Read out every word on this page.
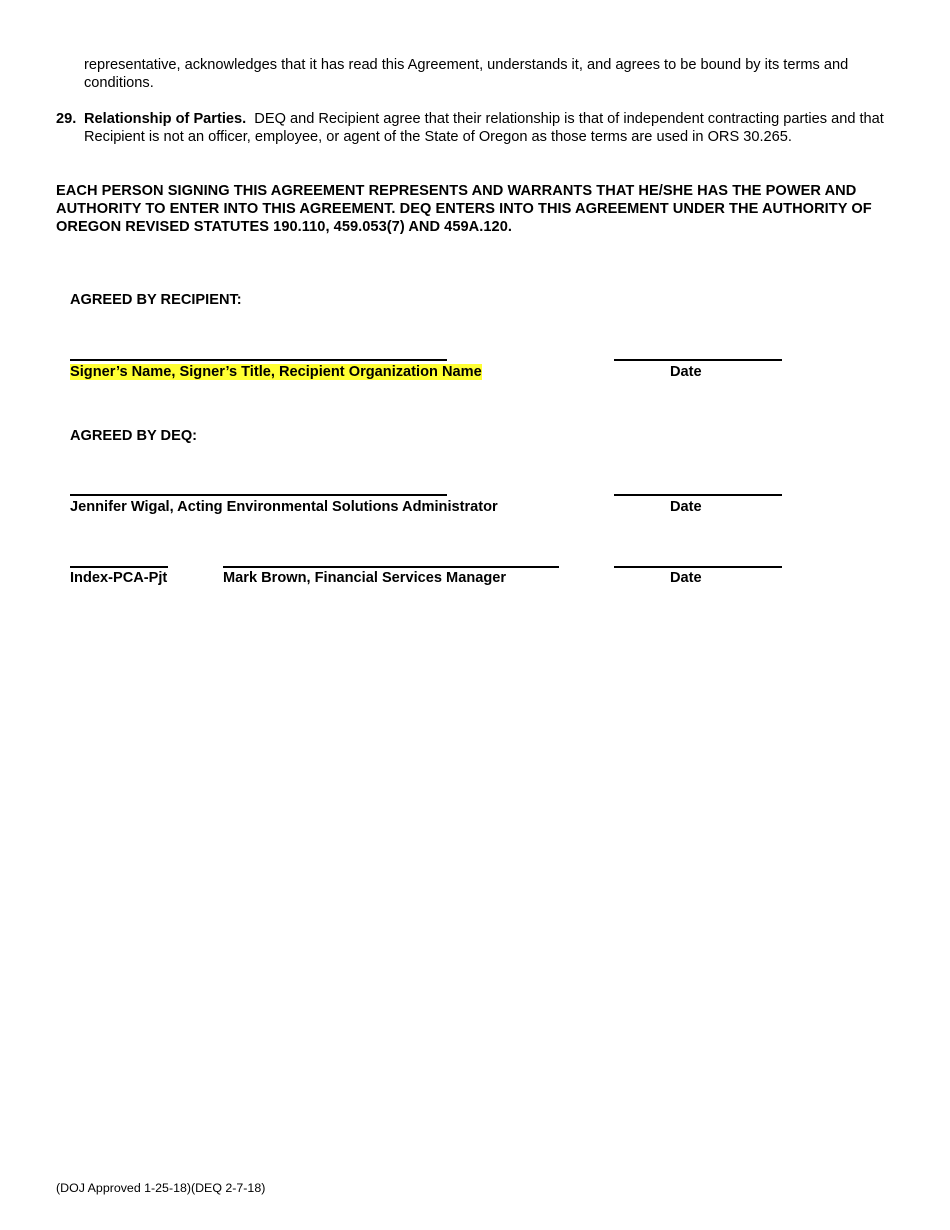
representative, acknowledges that it has read this Agreement, understands it, and agrees to be bound by its terms and conditions.
29. Relationship of Parties. DEQ and Recipient agree that their relationship is that of independent contracting parties and that Recipient is not an officer, employee, or agent of the State of Oregon as those terms are used in ORS 30.265.
EACH PERSON SIGNING THIS AGREEMENT REPRESENTS AND WARRANTS THAT HE/SHE HAS THE POWER AND AUTHORITY TO ENTER INTO THIS AGREEMENT. DEQ ENTERS INTO THIS AGREEMENT UNDER THE AUTHORITY OF OREGON REVISED STATUTES 190.110, 459.053(7) AND 459A.120.
AGREED BY RECIPIENT:
Signer’s Name, Signer’s Title, Recipient Organization Name	Date
AGREED BY DEQ:
Jennifer Wigal, Acting Environmental Solutions Administrator	Date
Index-PCA-Pjt	Mark Brown, Financial Services Manager	Date
(DOJ Approved 1-25-18)(DEQ 2-7-18)
